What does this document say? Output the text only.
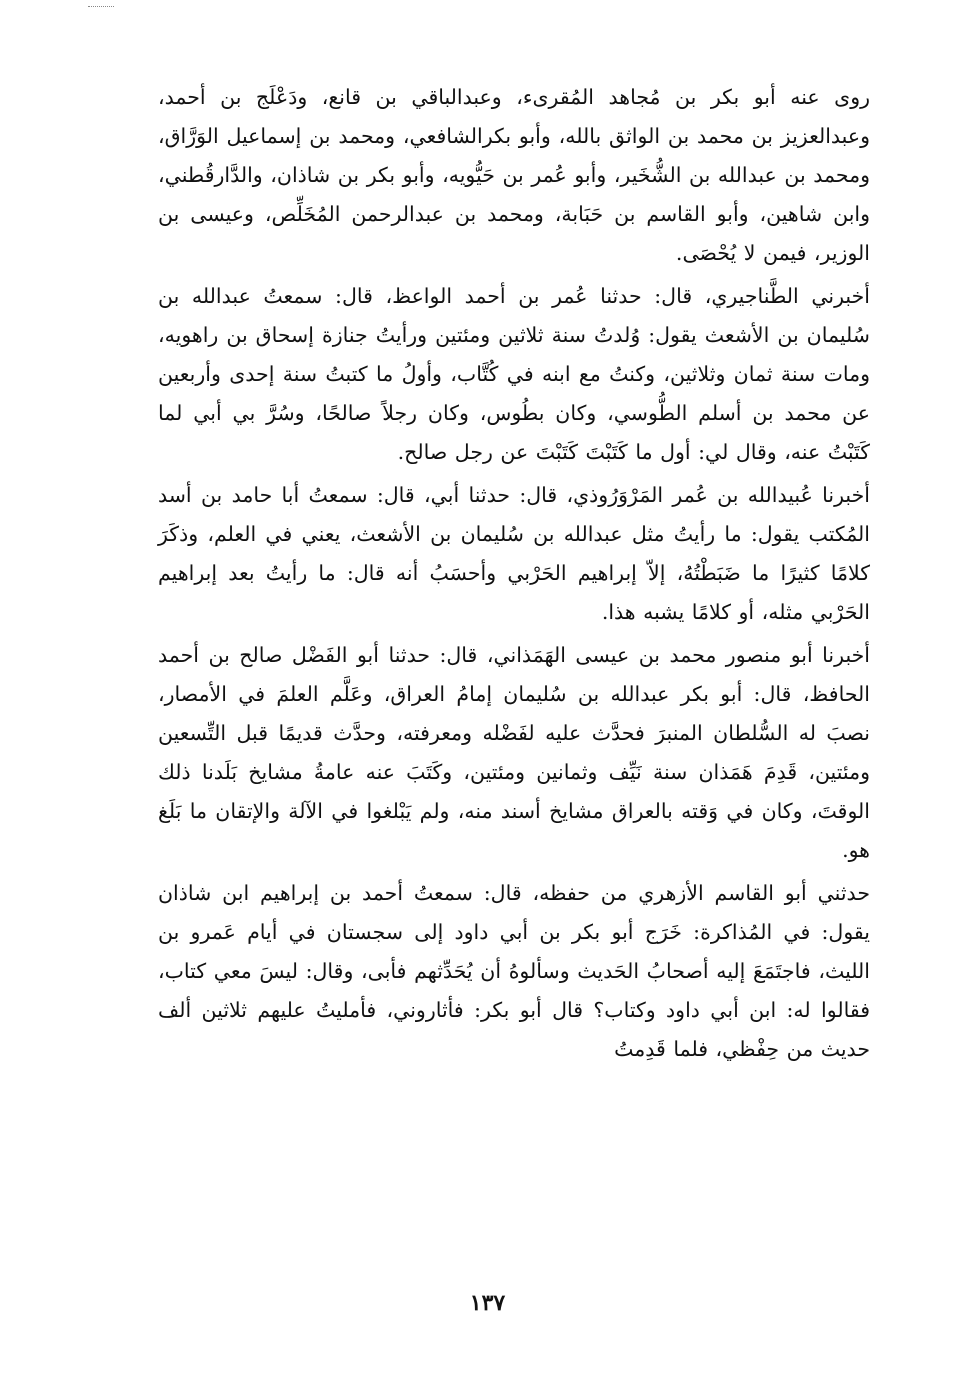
روى عنه أبو بكر بن مُجاهد المُقرىء، وعبدالباقي بن قانع، ودَعْلَج بن أحمد، وعبدالعزيز بن محمد بن الواثق بالله، وأبو بكرالشافعي، ومحمد بن إسماعيل الوَرَّاق، ومحمد بن عبدالله بن الشُّخَير، وأبو عُمر بن حَيُّويه، وأبو بكر بن شاذان، والدَّارقُطني، وابن شاهين، وأبو القاسم بن حَبَابة، ومحمد بن عبدالرحمن المُخَلِّص، وعيسى بن الوزير، فيمن لا يُحْصَى.

أخبرني الطَّناجيري، قال: حدثنا عُمر بن أحمد الواعظ، قال: سمعتُ عبدالله بن سُليمان بن الأشعث يقول: وُلدتُ سنة ثلاثين ومئتين ورأيتُ جنازة إسحاق بن راهويه، ومات سنة ثمان وثلاثين، وكنتُ مع ابنه في كُتَّاب، وأولُ ما كتبتُ سنة إحدى وأربعين عن محمد بن أسلم الطُّوسي، وكان بطُوس، وكان رجلاً صالحًا، وسُرَّ بي أبي لما كَتَبْتُ عنه، وقال لي: أول ما كَتَبْتَ كَتَبْتَ عن رجل صالح.

أخبرنا عُبيدالله بن عُمر المَرْوَرُوذي، قال: حدثنا أبي، قال: سمعتُ أبا حامد بن أسد المُكتب يقول: ما رأيتُ مثل عبدالله بن سُليمان بن الأشعث، يعني في العلم، وذكَرَ كلامًا كثيرًا ما ضَبَطْتُهُ، إلاّ إبراهيم الحَرْبي وأحسَبُ أنه قال: ما رأيتُ بعد إبراهيم الحَرْبي مثله، أو كلامًا يشبه هذا.

أخبرنا أبو منصور محمد بن عيسى الهَمَذاني، قال: حدثنا أبو الفَضْل صالح بن أحمد الحافظ، قال: أبو بكر عبدالله بن سُليمان إمامُ العراق، وعَلَّم العلمَ في الأمصار، نصبَ له السُّلطان المنبرَ فحدَّث عليه لفَضْله ومعرفته، وحدَّث قديمًا قبل التِّسعين ومئتين، قَدِمَ هَمَذان سنة نَيِّف وثمانين ومئتين، وكَتَبَ عنه عامةُ مشايخ بَلَدنا ذلك الوقتَ، وكان في وَقته بالعراق مشايخ أسند منه، ولم يَبْلغوا في الآلة والإتقان ما بَلَغ هو.

حدثني أبو القاسم الأزهري من حفظه، قال: سمعتُ أحمد بن إبراهيم ابن شاذان يقول: في المُذاكرة: خَرَج أبو بكر بن أبي داود إلى سجستان في أيام عَمرو بن الليث، فاجتَمَعَ إليه أصحابُ الحَديث وسألوهُ أن يُحَدِّثهم فأبى، وقال: ليسَ معي كتاب، فقالوا له: ابن أبي داود وكتاب؟ قال أبو بكر: فأثاروني، فأمليتُ عليهم ثلاثين ألف حديث من حِفْظي، فلما قَدِمتُ

١٣٧
